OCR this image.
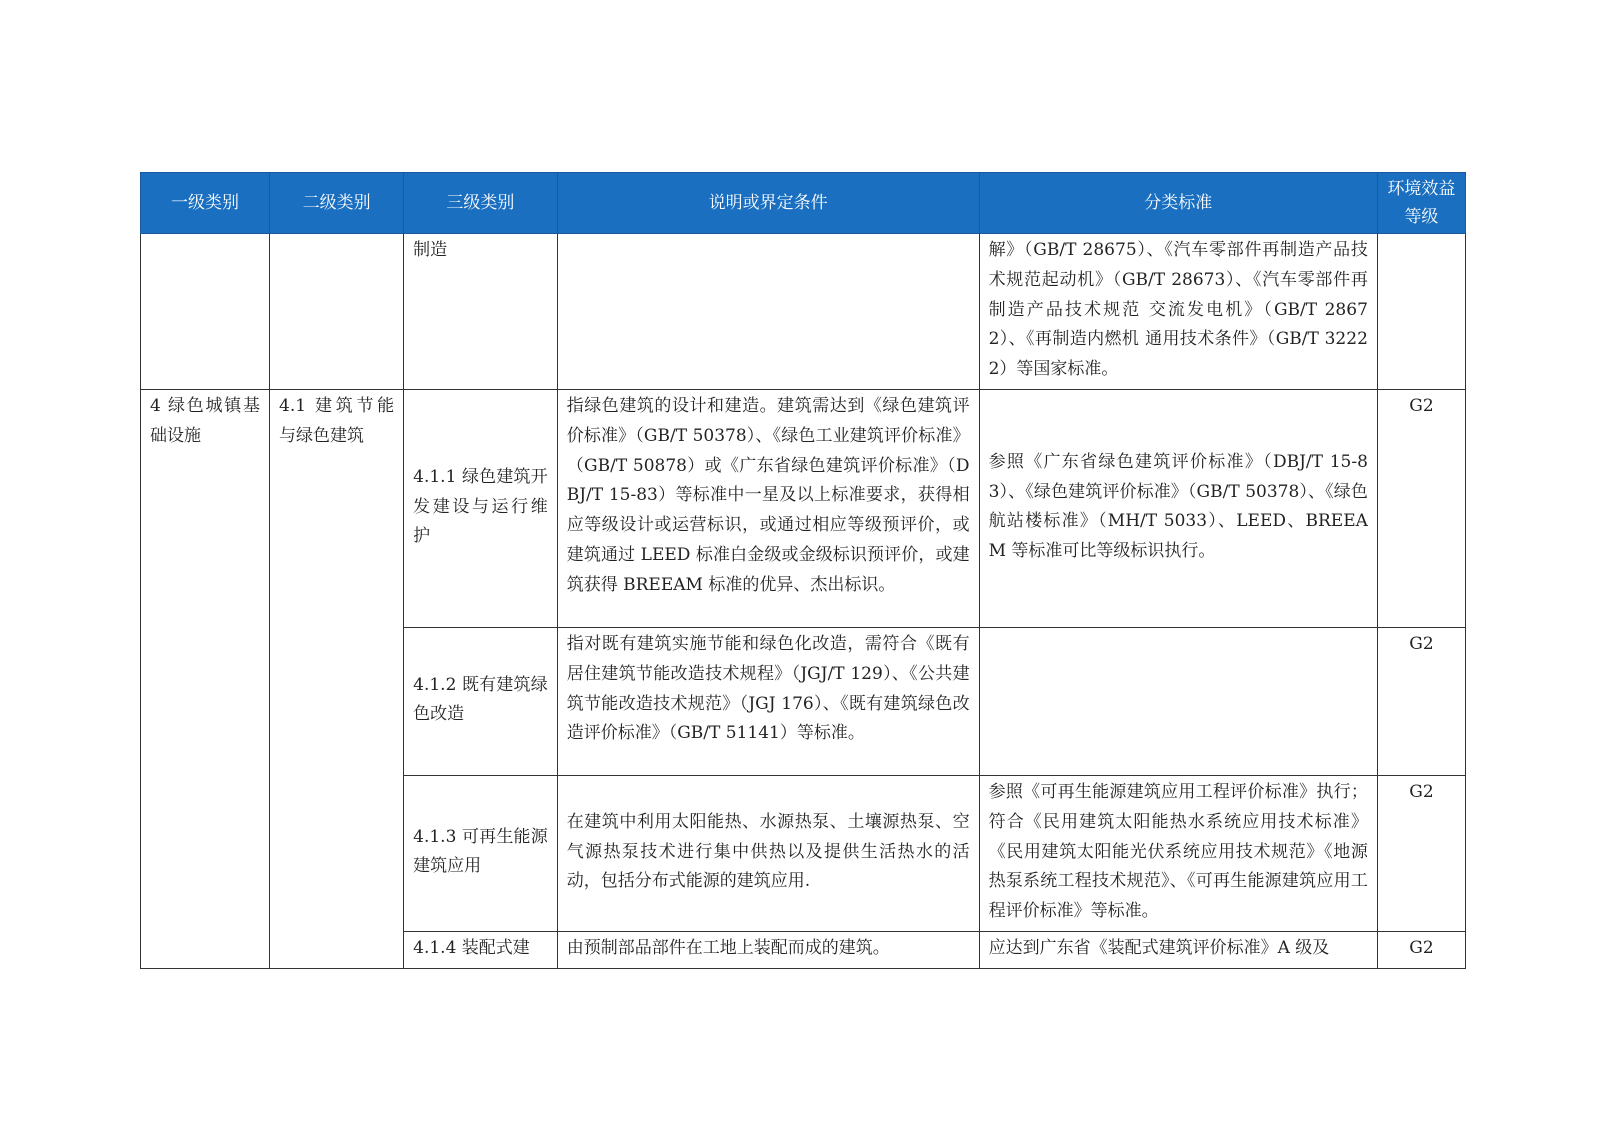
一级类别	二级类别	三级类别	说明或界定条件	分类标准	环境效益等级
		制造		解》（GB/T 28675）、《汽车零部件再制造产品技术规范起动机》（GB/T 28673）、《汽车零部件再制造产品技术规范 交流发电机》（GB/T 28672）、《再制造内燃机 通用技术条件》（GB/T 32222）等国家标准。	
4 绿色城镇基础设施	4.1 建筑节能与绿色建筑	4.1.1 绿色建筑开发建设与运行维护	指绿色建筑的设计和建造。建筑需达到《绿色建筑评价标准》（GB/T 50378）、《绿色工业建筑评价标准》（GB/T 50878）或《广东省绿色建筑评价标准》（DBJ/T 15-83）等标准中一星及以上标准要求，获得相应等级设计或运营标识，或通过相应等级预评价，或建筑通过 LEED 标准白金级或金级标识预评价，或建筑获得 BREEAM 标准的优异、杰出标识。	参照《广东省绿色建筑评价标准》（DBJ/T 15-83）、《绿色建筑评价标准》（GB/T 50378）、《绿色航站楼标准》（MH/T 5033）、LEED、BREEAM 等标准可比等级标识执行。	G2
		4.1.2 既有建筑绿色改造	指对既有建筑实施节能和绿色化改造，需符合《既有居住建筑节能改造技术规程》（JGJ/T 129）、《公共建筑节能改造技术规范》（JGJ 176）、《既有建筑绿色改造评价标准》（GB/T 51141）等标准。		G2
		4.1.3 可再生能源建筑应用	在建筑中利用太阳能热、水源热泵、土壤源热泵、空气源热泵技术进行集中供热以及提供生活热水的活动，包括分布式能源的建筑应用.	参照《可再生能源建筑应用工程评价标准》执行；符合《民用建筑太阳能热水系统应用技术标准》《民用建筑太阳能光伏系统应用技术规范》《地源热泵系统工程技术规范》、《可再生能源建筑应用工程评价标准》等标准。	G2
		4.1.4 装配式建	由预制部品部件在工地上装配而成的建筑。	应达到广东省《装配式建筑评价标准》A 级及	G2
